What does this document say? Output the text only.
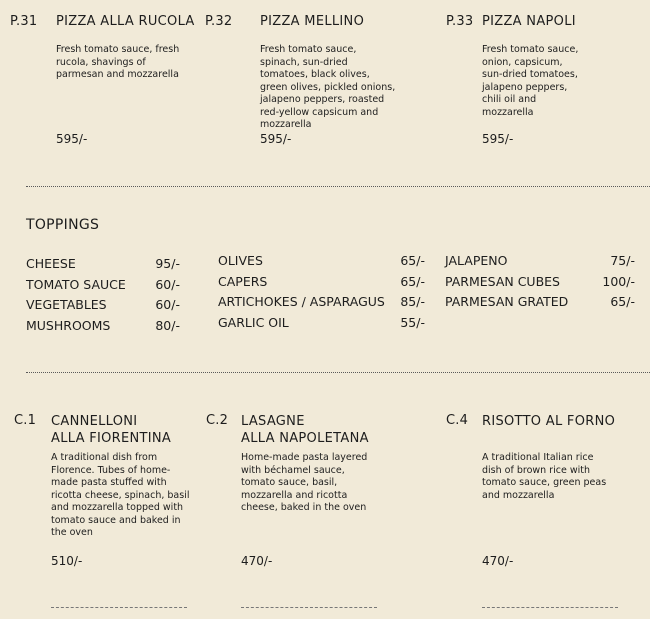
P.31 PIZZA ALLA RUCOLA
Fresh tomato sauce, fresh rucola, shavings of parmesan and mozzarella
595/-
P.32 PIZZA MELLINO
Fresh tomato sauce, spinach, sun-dried tomatoes, black olives, green olives, pickled onions, jalapeno peppers, roasted red-yellow capsicum and mozzarella
595/-
P.33 PIZZA NAPOLI
Fresh tomato sauce, onion, capsicum, sun-dried tomatoes, jalapeno peppers, chili oil and mozzarella
595/-
TOPPINGS
CHEESE	95/-
TOMATO SAUCE 60/-
VEGETABLES	60/-
MUSHROOMS	80/-
OLIVES	65/-
CAPERS	65/-
ARTICHOKES / ASPARAGUS 85/-
GARLIC OIL	55/-
JALAPENO	75/-
PARMESAN CUBES	100/-
PARMESAN GRATED	65/-
C.1 CANNELLONI
ALLA FIORENTINA
A traditional dish from Florence. Tubes of home-made pasta stuffed with ricotta cheese, spinach, basil and mozzarella topped with tomato sauce and baked in the oven
510/-
C.2 LASAGNE
ALLA NAPOLETANA
Home-made pasta layered with béchamel sauce, tomato sauce, basil, mozzarella and ricotta cheese, baked in the oven
470/-
C.4 RISOTTO AL FORNO
A traditional Italian rice dish of brown rice with tomato sauce, green peas and mozzarella
470/-
